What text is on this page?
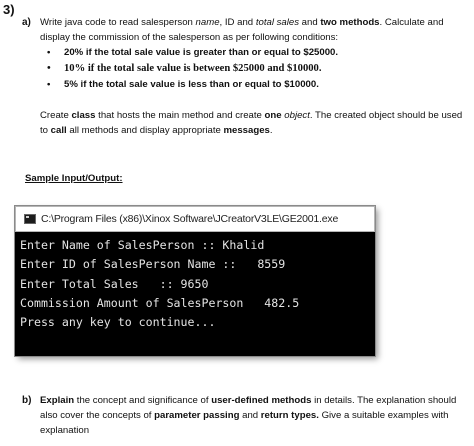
3)
a) Write java code to read salesperson name, ID and total sales and two methods. Calculate and
display the commission of the salesperson as per following conditions:
• 20% if the total sale value is greater than or equal to $25000.
• 10% if the total sale value is between $25000 and $10000.
• 5% if the total sale value is less than or equal to $10000.
Create class that hosts the main method and create one object. The created object should be used
to call all methods and display appropriate messages.
Sample Input/Output:
C:\Program Files (x86)\Xinox Software\JCreatorV3LE\GE2001.exe
Enter Name of SalesPerson :: Khalid
Enter ID of SalesPerson Name ::   8559
Enter Total Sales   :: 9650
Commission Amount of SalesPerson   482.5
Press any key to continue...
b) Explain the concept and significance of user-defined methods in details. The explanation should
also cover the concepts of parameter passing and return types. Give a suitable examples with
explanation
